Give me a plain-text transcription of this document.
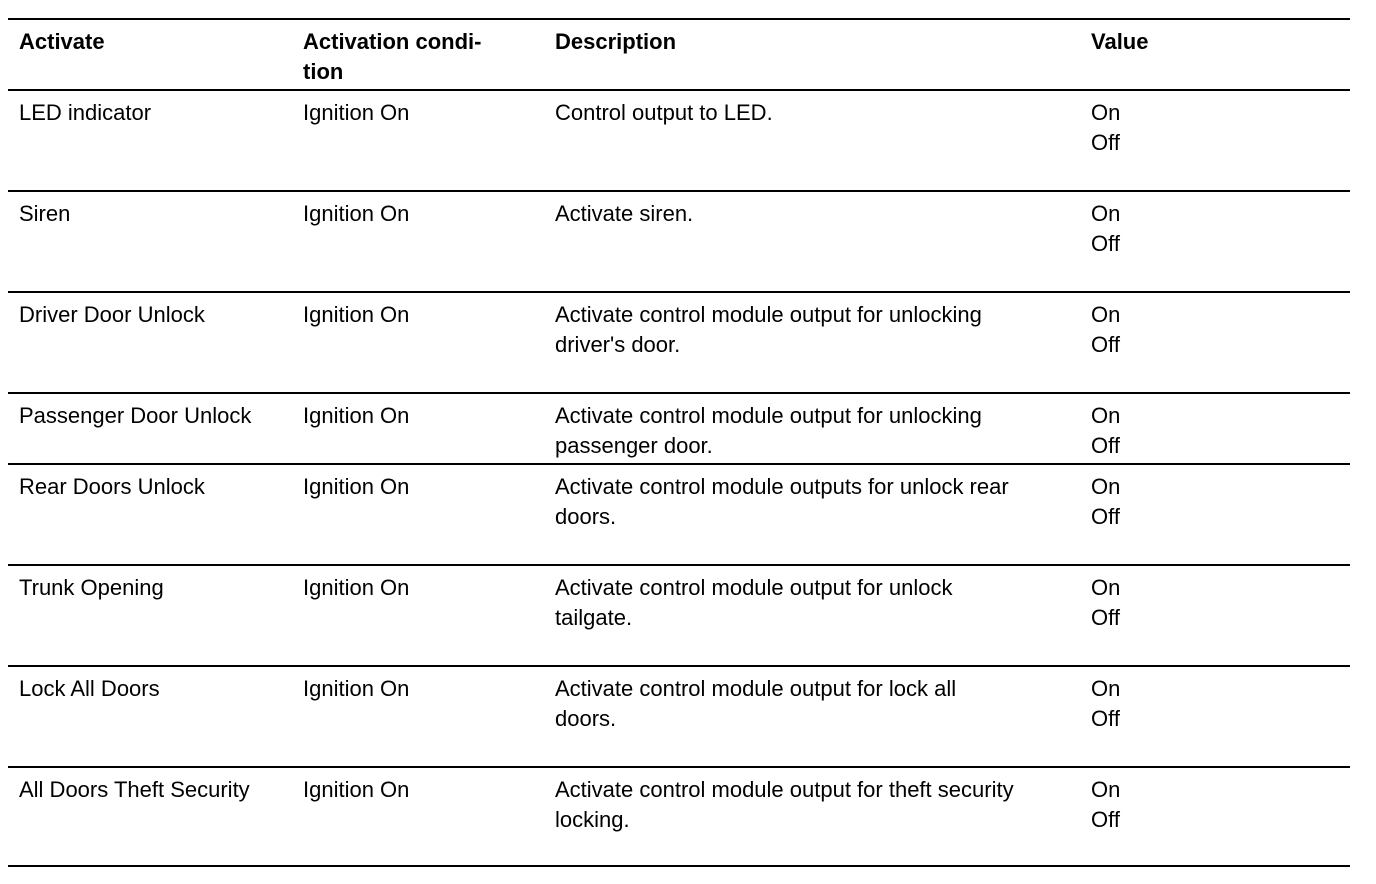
Activate	Activation condi-
tion
Description	Value
LED indicator	Ignition On	Control output to LED.	On
Off
Siren	Ignition On	Activate siren.	On
Off
Driver Door Unlock	Ignition On	Activate control module output for unlocking
driver's door.
On
Off
Passenger Door Unlock Ignition On	Activate control module output for unlocking
passenger door.
On
Off
Rear Doors Unlock	Ignition On	Activate control module outputs for unlock rear
doors.
On
Off
Trunk Opening	Ignition On	Activate control module output for unlock
tailgate.
On
Off
Lock All Doors	Ignition On	Activate control module output for lock all
doors.
On
Off
All Doors Theft Security Ignition On	Activate control module output for theft security
locking.
On
Off
